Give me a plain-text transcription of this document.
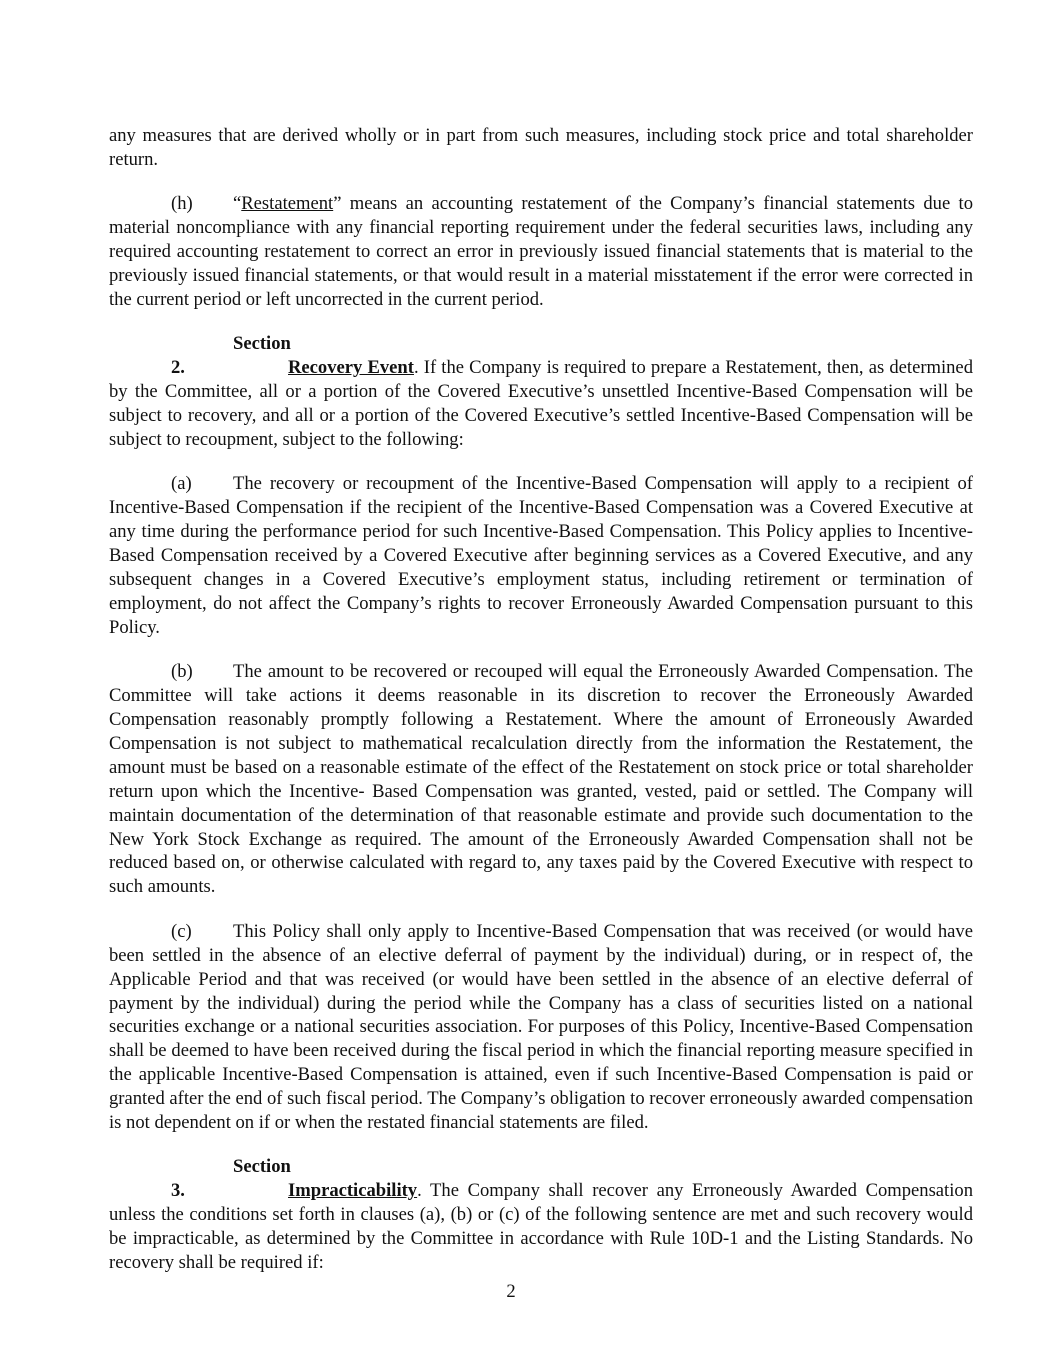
any measures that are derived wholly or in part from such measures, including stock price and total shareholder return.

(h) “Restatement” means an accounting restatement of the Company’s financial statements due to material noncompliance with any financial reporting requirement under the federal securities laws, including any required accounting restatement to correct an error in previously issued financial statements that is material to the previously issued financial statements, or that would result in a material misstatement if the error were corrected in the current period or left uncorrected in the current period.

Section 2.	Recovery Event. If the Company is required to prepare a Restatement, then, as determined by the Committee, all or a portion of the Covered Executive’s unsettled Incentive-Based Compensation will be subject to recovery, and all or a portion of the Covered Executive’s settled Incentive-Based Compensation will be subject to recoupment, subject to the following:

(a) The recovery or recoupment of the Incentive-Based Compensation will apply to a recipient of Incentive-Based Compensation if the recipient of the Incentive-Based Compensation was a Covered Executive at any time during the performance period for such Incentive-Based Compensation. This Policy applies to Incentive-Based Compensation received by a Covered Executive after beginning services as a Covered Executive, and any subsequent changes in a Covered Executive’s employment status, including retirement or termination of employment, do not affect the Company’s rights to recover Erroneously Awarded Compensation pursuant to this Policy.

(b) The amount to be recovered or recouped will equal the Erroneously Awarded Compensation. The Committee will take actions it deems reasonable in its discretion to recover the Erroneously Awarded Compensation reasonably promptly following a Restatement. Where the amount of Erroneously Awarded Compensation is not subject to mathematical recalculation directly from the information the Restatement, the amount must be based on a reasonable estimate of the effect of the Restatement on stock price or total shareholder return upon which the Incentive- Based Compensation was granted, vested, paid or settled. The Company will maintain documentation of the determination of that reasonable estimate and provide such documentation to the New York Stock Exchange as required. The amount of the Erroneously Awarded Compensation shall not be reduced based on, or otherwise calculated with regard to, any taxes paid by the Covered Executive with respect to such amounts.

(c) This Policy shall only apply to Incentive-Based Compensation that was received (or would have been settled in the absence of an elective deferral of payment by the individual) during, or in respect of, the Applicable Period and that was received (or would have been settled in the absence of an elective deferral of payment by the individual) during the period while the Company has a class of securities listed on a national securities exchange or a national securities association. For purposes of this Policy, Incentive-Based Compensation shall be deemed to have been received during the fiscal period in which the financial reporting measure specified in the applicable Incentive-Based Compensation is attained, even if such Incentive-Based Compensation is paid or granted after the end of such fiscal period. The Company’s obligation to recover erroneously awarded compensation is not dependent on if or when the restated financial statements are filed.

Section 3.	Impracticability. The Company shall recover any Erroneously Awarded Compensation unless the conditions set forth in clauses (a), (b) or (c) of the following sentence are met and such recovery would be impracticable, as determined by the Committee in accordance with Rule 10D-1 and the Listing Standards. No recovery shall be required if:

2
